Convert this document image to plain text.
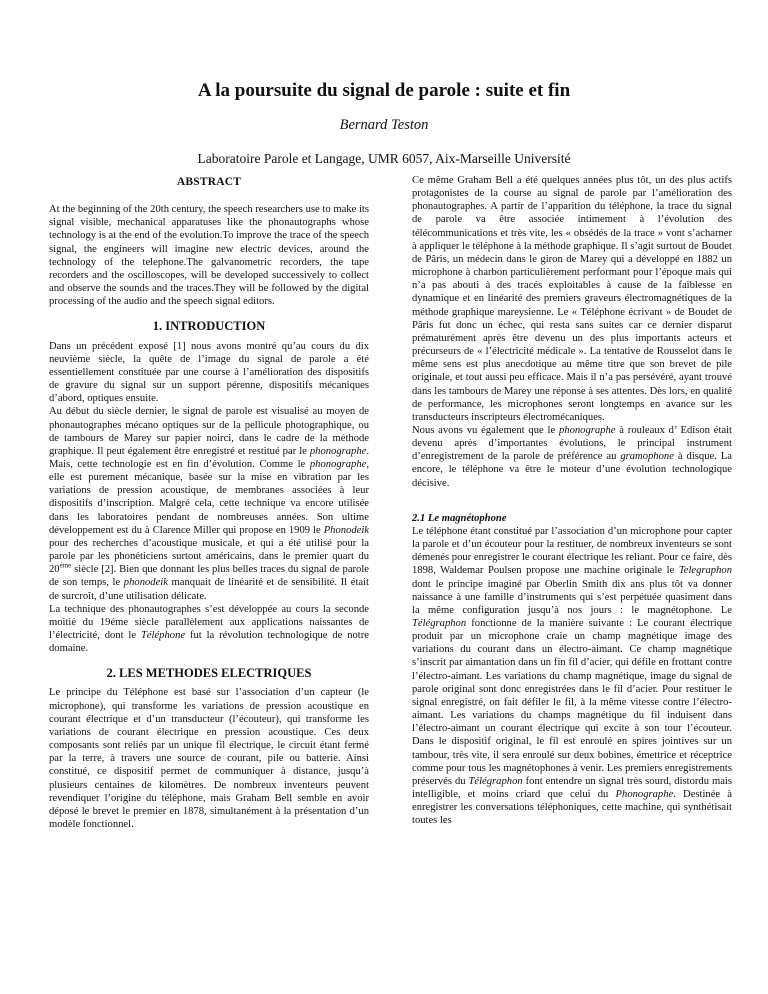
A la poursuite du signal de parole : suite et fin
Bernard Teston
Laboratoire Parole et Langage, UMR 6057, Aix-Marseille Université
ABSTRACT

At the beginning of the 20th century, the speech researchers use to make its signal visible, mechanical apparatuses like the phonautographs whose technology is at the end of the evolution.To improve the trace of the speech signal, the engineers will imagine new electric devices, around the technology of the telephone.The galvanometric recorders, the tape recorders and the oscilloscopes, will be developed successively to collect and observe the sounds and the traces.They will be followed by the digital processing of the audio and the speech signal editors.

1. INTRODUCTION

Dans un précédent exposé [1] nous avons montré qu’au cours du dix neuvième siècle, la quête de l’image du signal de parole a été essentiellement constituée par une course à l’amélioration des dispositifs de gravure du signal sur un support pérenne, dispositifs mécaniques d’abord, optiques ensuite.

Au début du siècle dernier, le signal de parole est visualisé au moyen de phonautographes mécano optiques sur de la pellicule photographique, ou de tambours de Marey sur papier noirci, dans le cadre de la méthode graphique. Il peut également être enregistré et restitué par le phonographe. Mais, cette technologie est en fin d’évolution. Comme le phonographe, elle est purement mécanique, basée sur la mise en vibration par les variations de pression acoustique, de membranes associées à leur dispositifs d’inscription. Malgré cela, cette technique va encore utilisée dans les laboratoires pendant de nombreuses années. Son ultime développement est du à Clarence Miller qui propose en 1909 le Phonodeik pour des recherches d’acoustique musicale, et qui a été utilisé pour la parole par les phonéticiens surtout américains, dans le premier quart du 20ème siècle [2]. Bien que donnant les plus belles traces du signal de parole de son temps, le phonodeik manquait de linéarité et de sensibilité. Il était de surcroît, d’une utilisation délicate.

La technique des phonautographes s’est développée au cours la seconde moitié du 19éme siècle parallèlement aux applications naissantes de l’électricité, dont le Téléphone fut la révolution technologique de notre domaine.

2. LES METHODES ELECTRIQUES

Le principe du Téléphone est basé sur l’association d’un capteur (le microphone), qui transforme les variations de pression acoustique en courant électrique et d’un transducteur (l’écouteur), qui transforme les variations de courant électrique en pression acoustique. Ces deux composants sont reliés par un unique fil électrique, le circuit étant fermé par la terre, à travers une source de courant, pile ou batterie. Ainsi constitué, ce dispositif permet de communiquer à distance, jusqu’à plusieurs centaines de kilomètres. De nombreux inventeurs peuvent revendiquer l’origine du téléphone, mais Graham Bell semble en avoir déposé le brevet le premier en 1878, simultanément à la présentation d’un modèle fonctionnel.

Ce même Graham Bell a été quelques années plus tôt, un des plus actifs protagonistes de la course au signal de parole par l’amélioration des phonautographes. A partir de l’apparition du téléphone, la trace du signal de parole va être associée intimement à l’évolution des télécommunications et très vite, les « obsédés de la trace » vont s’acharner à appliquer le téléphone à la méthode graphique. Il s’agit surtout de Boudet de Pâris, un médecin dans le giron de Marey qui a développé en 1882 un microphone à charbon particulièrement performant pour l’époque mais qui n’a pas abouti à des tracés exploitables à cause de la faiblesse en dynamique et en linéarité des premiers graveurs électromagnétiques de la méthode graphique mareysienne. Le « Téléphone écrivant » de Boudet de Pâris fut donc un échec, qui resta sans suites car ce dernier disparut prématurément après être devenu un des plus importants acteurs et précurseurs de « l’électricité médicale ». La tentative de Rousselot dans le même sens est plus anecdotique au même titre que son brevet de pile originale, et tout aussi peu efficace. Mais il n’a pas persévéré, ayant trouvé dans les tambours de Marey une réponse à ses attentes. Dès lors, en qualité de performance, les microphones seront longtemps en avance sur les transducteurs inscripteurs électromécaniques.

Nous avons vu également que le phonographe à rouleaux d’ Edison était devenu après d’importantes évolutions, le principal instrument d’enregistrement de la parole de préférence au gramophone à disque. La encore, le téléphone va être le moteur d’une évolution technologique décisive.

2.1 Le magnétophone

Le téléphone étant constitué par l’association d’un microphone pour capter la parole et d’un écouteur pour la restituer, de nombreux inventeurs se sont démenés pour enregistrer le courant électrique les reliant. Pour ce faire, dès 1898, Waldemar Poulsen propose une machine originale le Telegraphon dont le principe imaginé par Oberlin Smith dix ans plus tôt va donner naissance à une famille d’instruments qui s’est perpétuée quasiment dans la même configuration jusqu’à nos jours : le magnétophone. Le Télégraphon fonctionne de la manière suivante : Le courant électrique produit par un microphone craie un champ magnétique image des variations du courant dans un électro-aimant. Ce champ magnétique s’inscrit par aimantation dans un fin fil d’acier, qui défile en frottant contre l’électro-aimant. Les variations du champ magnétique, image du signal de parole original sont donc enregistrées dans le fil d’acier. Pour restituer le signal enregistré, on fait défiler le fil, à la même vitesse contre l’électro-aimant. Les variations du champs magnétique du fil induisent dans l’électro-aimant un courant électrique qui excite à son tour l’écouteur. Dans le dispositif original, le fil est enroulé en spires jointives sur un tambour, très vite, il sera enroulé sur deux bobines, émettrice et réceptrice comme pour tous les magnétophones à venir. Les premiers enregistrements préservés du Télégraphon font entendre un signal très sourd, distordu mais intelligible, et moins criard que celui du Phonographe. Destinée à enregistrer les conversations téléphoniques, cette machine, qui synthétisait toutes les
